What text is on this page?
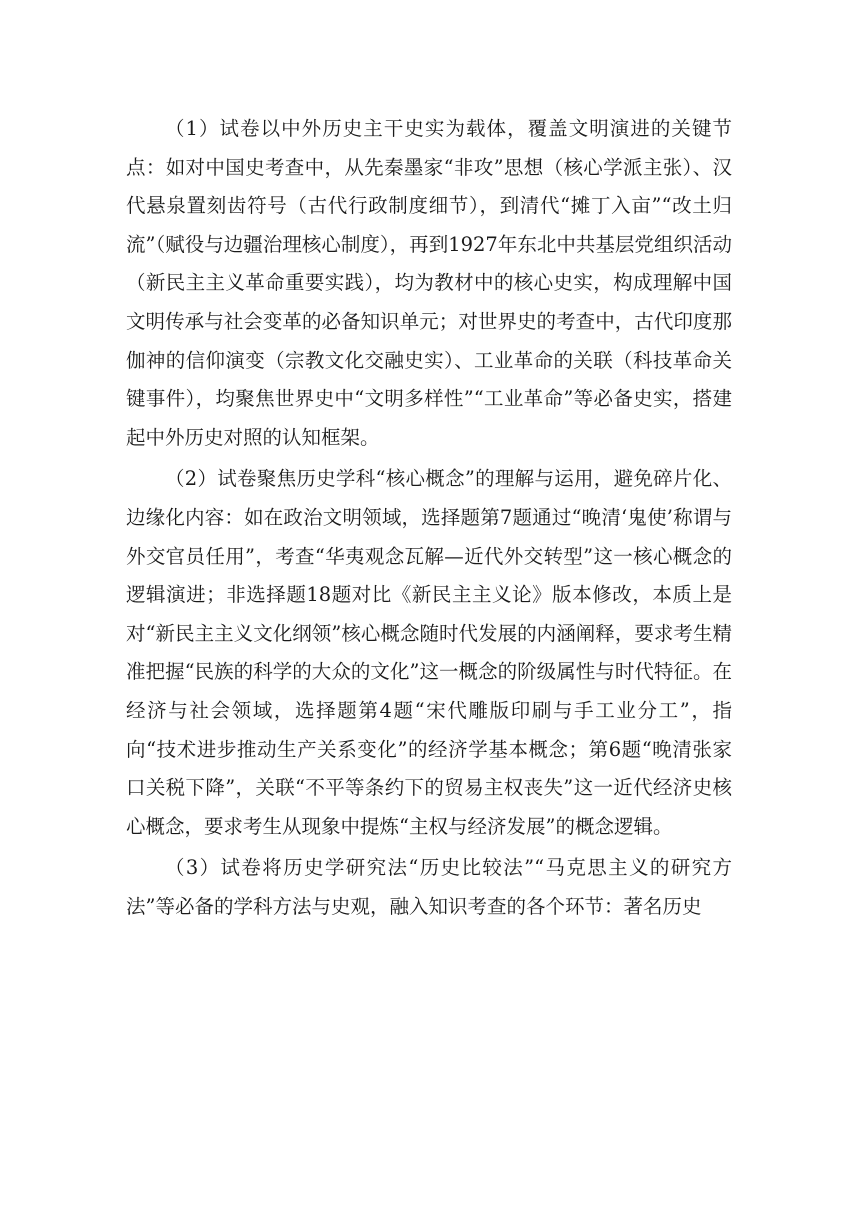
（1）试卷以中外历史主干史实为载体，覆盖文明演进的关键节点：如对中国史考查中，从先秦墨家“非攻”思想（核心学派主张）、汉代悬泉置刻齿符号（古代行政制度细节），到清代“摊丁入亩”“改土归流”（赋役与边疆治理核心制度），再到1927年东北中共基层党组织活动（新民主主义革命重要实践），均为教材中的核心史实，构成理解中国文明传承与社会变革的必备知识单元；对世界史的考查中，古代印度那伽神的信仰演变（宗教文化交融史实）、工业革命的关联（科技革命关键事件），均聚焦世界史中“文明多样性”“工业革命”等必备史实，搭建起中外历史对照的认知框架。

（2）试卷聚焦历史学科“核心概念”的理解与运用，避免碎片化、边缘化内容：如在政治文明领域，选择题第7题通过“晚清‘鬼使’称谓与外交官员任用”，考查“华夷观念瓦解—近代外交转型”这一核心概念的逻辑演进；非选择题18题对比《新民主主义论》版本修改，本质上是对“新民主主义文化纲领”核心概念随时代发展的内涵阐释，要求考生精准把握“民族的科学的大众的文化”这一概念的阶级属性与时代特征。在经济与社会领域，选择题第4题“宋代雕版印刷与手工业分工”，指向“技术进步推动生产关系变化”的经济学基本概念；第6题“晚清张家口关税下降”，关联“不平等条约下的贸易主权丧失”这一近代经济史核心概念，要求考生从现象中提炼“主权与经济发展”的概念逻辑。

（3）试卷将历史学研究法“历史比较法”“马克思主义的研究方法”等必备的学科方法与史观，融入知识考查的各个环节：著名历史
